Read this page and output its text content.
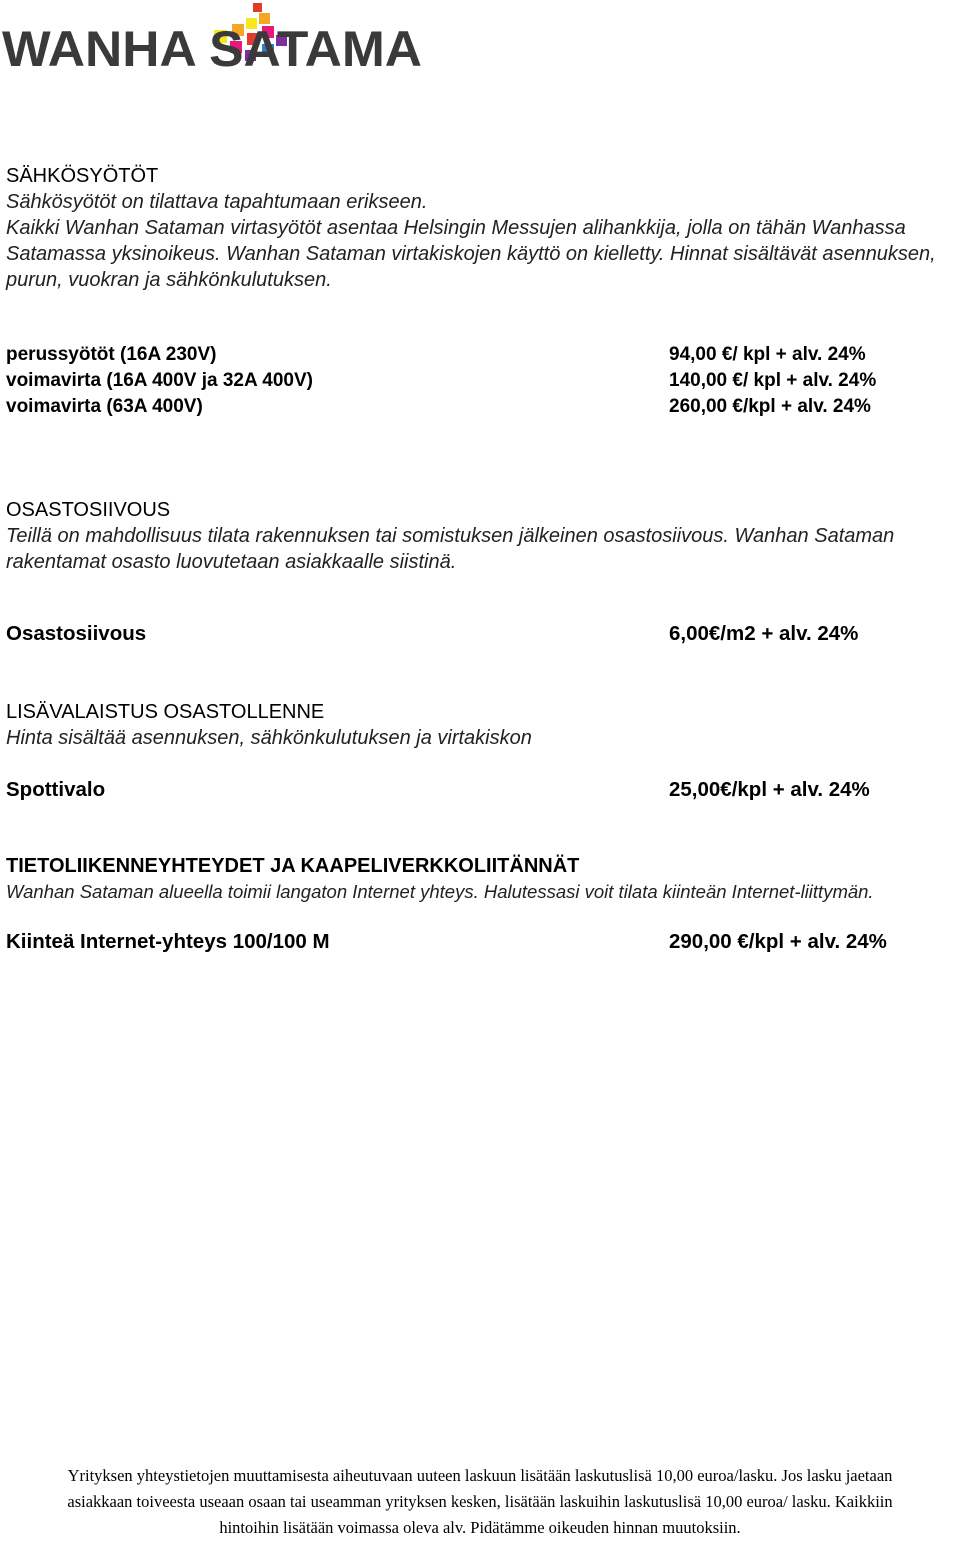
WANHA SATAMA
SÄHKÖSYÖTÖT
Sähkösyötöt on tilattava tapahtumaan erikseen.
Kaikki Wanhan Sataman virtasyötöt asentaa Helsingin Messujen alihankkija, jolla on tähän Wanhassa Satamassa yksinoikeus. Wanhan Sataman virtakiskojen käyttö on kielletty. Hinnat sisältävät asennuksen, purun, vuokran ja sähkönkulutuksen.
perussyötöt (16A 230V)	94,00 €/ kpl + alv. 24%
voimavirta (16A 400V ja 32A 400V)	140,00 €/ kpl + alv. 24%
voimavirta (63A 400V)	260,00 €/kpl + alv. 24%
OSASTOSIIVOUS
Teillä on mahdollisuus tilata rakennuksen tai somistuksen jälkeinen osastosiivous. Wanhan Sataman rakentamat osasto luovutetaan asiakkaalle siistinä.
Osastosiivous	6,00€/m2 + alv. 24%
LISÄVALAISTUS OSASTOLLENNE
Hinta sisältää asennuksen, sähkönkulutuksen ja virtakiskon
Spottivalo	25,00€/kpl + alv. 24%
TIETOLIIKENNEYHTEYDET JA KAAPELIVERKKOLIITÄNNÄT
Wanhan Sataman alueella toimii langaton Internet yhteys. Halutessasi voit tilata kiinteän Internet-liittymän.
Kiinteä Internet-yhteys 100/100 M	290,00 €/kpl + alv. 24%
Yrityksen yhteystietojen muuttamisesta aiheutuvaan uuteen laskuun lisätään laskutuslisä 10,00 euroa/lasku. Jos lasku jaetaan asiakkaan toiveesta useaan osaan tai useamman yrityksen kesken, lisätään laskuihin laskutuslisä 10,00 euroa/ lasku. Kaikkiin hintoihin lisätään voimassa oleva alv. Pidätämme oikeuden hinnan muutoksiin.
